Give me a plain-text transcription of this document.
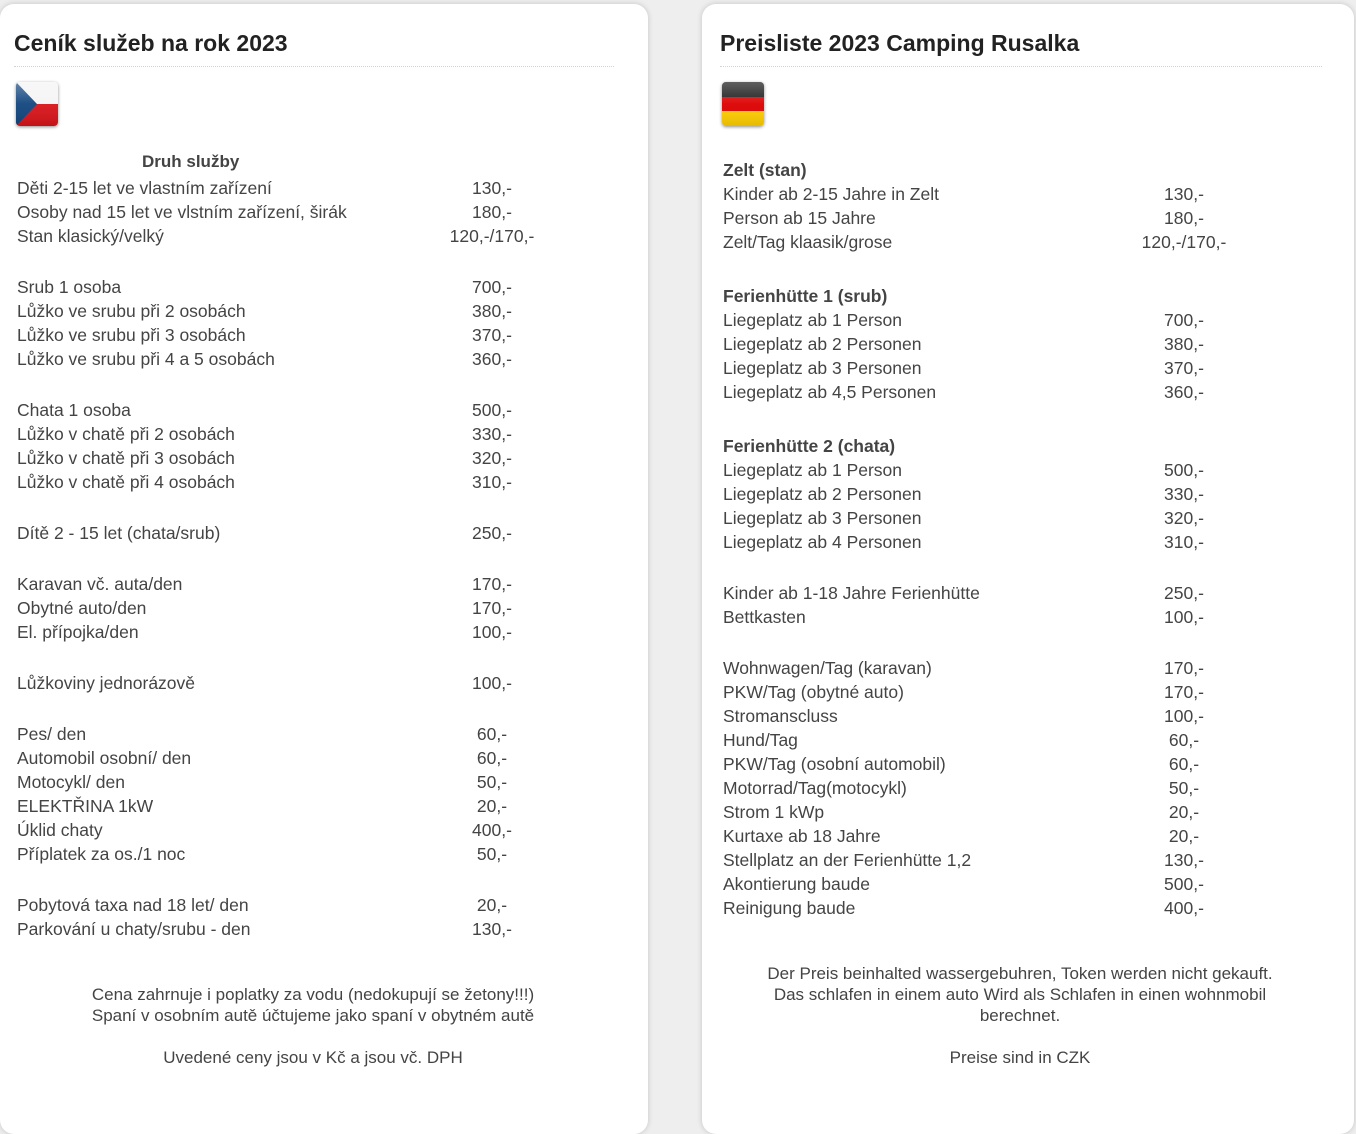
Ceník služeb na rok 2023
Druh služby
Děti 2-15 let ve vlastním zařízení	130,-
Osoby nad 15 let ve vlstním zařízení, širák	180,-
Stan klasický/velký	120,-/170,-
Srub 1 osoba	700,-
Lůžko ve srubu při 2 osobách	380,-
Lůžko ve srubu při 3 osobách	370,-
Lůžko ve srubu při 4 a 5 osobách	360,-
Chata 1 osoba	500,-
Lůžko v chatě při 2 osobách	330,-
Lůžko v chatě při 3 osobách	320,-
Lůžko v chatě při 4 osobách	310,-
Dítě 2 - 15 let (chata/srub)	250,-
Karavan vč. auta/den	170,-
Obytné auto/den	170,-
El. přípojka/den	100,-
Lůžkoviny jednorázově	100,-
Pes/ den	60,-
Automobil osobní/ den	60,-
Motocykl/ den	50,-
ELEKTŘINA 1kW	20,-
Úklid chaty	400,-
Příplatek za os./1 noc	50,-
Pobytová taxa nad 18 let/ den	20,-
Parkování u chaty/srubu - den	130,-

Cena zahrnuje i poplatky za vodu (nedokupují se žetony!!!)

Spaní v osobním autě účtujeme jako spaní v obytném autě

Uvedené ceny jsou v Kč a jsou vč. DPH

Preisliste 2023 Camping Rusalka
Zelt (stan)
Kinder ab 2-15 Jahre in Zelt	130,-
Person ab 15 Jahre	180,-
Zelt/Tag klaasik/grose	120,-/170,-
Ferienhütte 1 (srub)
Liegeplatz ab 1 Person	700,-
Liegeplatz ab 2 Personen	380,-
Liegeplatz ab 3 Personen	370,-
Liegeplatz ab 4,5 Personen	360,-
Ferienhütte 2 (chata)
Liegeplatz ab 1 Person	500,-
Liegeplatz ab 2 Personen	330,-
Liegeplatz ab 3 Personen	320,-
Liegeplatz ab 4 Personen	310,-
Kinder ab 1-18 Jahre Ferienhütte	250,-
Bettkasten	100,-
Wohnwagen/Tag (karavan)	170,-
PKW/Tag (obytné auto)	170,-
Stromanscluss	100,-
Hund/Tag	60,-
PKW/Tag (osobní automobil)	60,-
Motorrad/Tag(motocykl)	50,-
Strom 1 kWp	20,-
Kurtaxe ab 18 Jahre	20,-
Stellplatz an der Ferienhütte 1,2	130,-
Akontierung baude	500,-
Reinigung baude	400,-

Der Preis beinhalted wassergebuhren, Token werden nicht gekauft.

Das schlafen in einem auto Wird als Schlafen in einen wohnmobil berechnet.

Preise sind in CZK
